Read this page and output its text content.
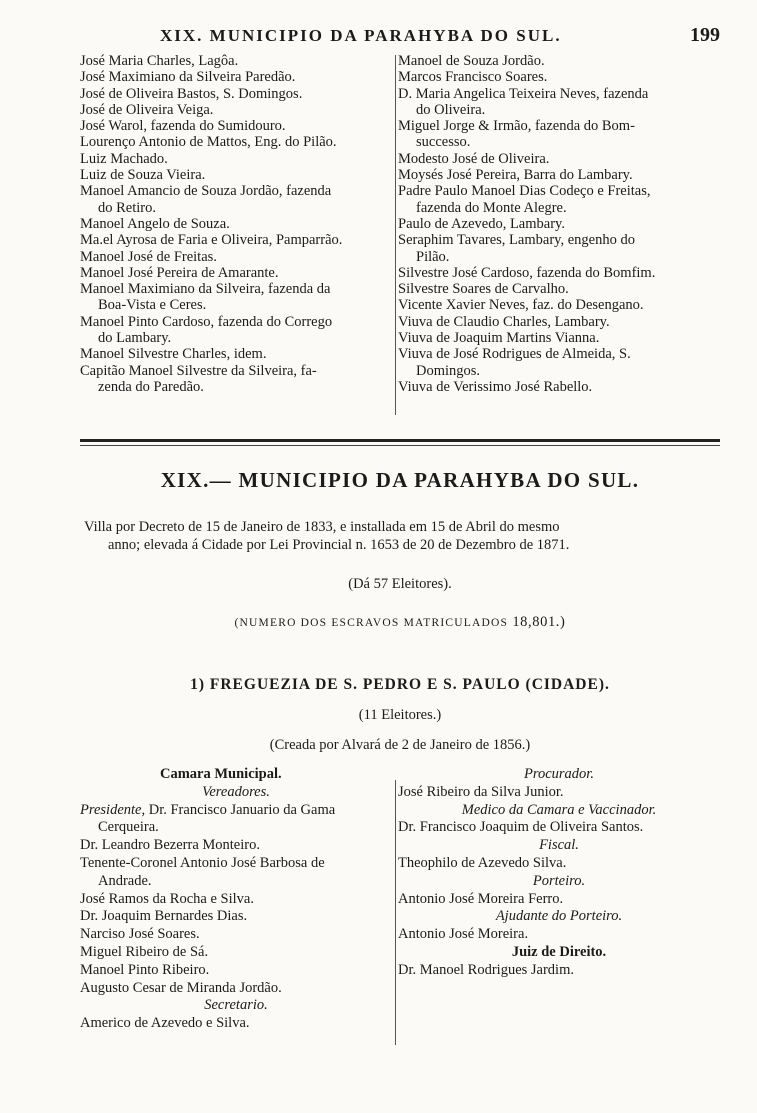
XIX. MUNICIPIO DA PARAHYBA DO SUL.	199
José Maria Charles, Lagôa.
José Maximiano da Silveira Paredão.
José de Oliveira Bastos, S. Domingos.
José de Oliveira Veiga.
José Warol, fazenda do Sumidouro.
Lourenço Antonio de Mattos, Eng. do Pilão.
Luiz Machado.
Luiz de Souza Vieira.
Manoel Amancio de Souza Jordão, fazenda
do Retiro.
Manoel Angelo de Souza.
Ma.el Ayrosa de Faria e Oliveira, Pamparrão.
Manoel José de Freitas.
Manoel José Pereira de Amarante.
Manoel Maximiano da Silveira, fazenda da
Boa-Vista e Ceres.
Manoel Pinto Cardoso, fazenda do Corrego
do Lambary.
Manoel Silvestre Charles, idem.
Capitão Manoel Silvestre da Silveira, fa-
zenda do Paredão.
Manoel de Souza Jordão.
Marcos Francisco Soares.
D. Maria Angelica Teixeira Neves, fazenda
do Oliveira.
Miguel Jorge & Irmão, fazenda do Bom-
successo.
Modesto José de Oliveira.
Moysés José Pereira, Barra do Lambary.
Padre Paulo Manoel Dias Codeço e Freitas,
fazenda do Monte Alegre.
Paulo de Azevedo, Lambary.
Seraphim Tavares, Lambary, engenho do
Pilão.
Silvestre José Cardoso, fazenda do Bomfim.
Silvestre Soares de Carvalho.
Vicente Xavier Neves, faz. do Desengano.
Viuva de Claudio Charles, Lambary.
Viuva de Joaquim Martins Vianna.
Viuva de José Rodrigues de Almeida, S.
Domingos.
Viuva de Verissimo José Rabello.
XIX.— MUNICIPIO DA PARAHYBA DO SUL.
Villa por Decreto de 15 de Janeiro de 1833, e installada em 15 de Abril do mesmo
anno; elevada á Cidade por Lei Provincial n. 1653 de 20 de Dezembro de 1871.
(Dá 57 Eleitores).
(NUMERO DOS ESCRAVOS MATRICULADOS 18,801.)
1) FREGUEZIA DE S. PEDRO E S. PAULO (CIDADE).
(11 Eleitores.)
(Creada por Alvará de 2 de Janeiro de 1856.)
Camara Municipal.
Vereadores.
Presidente, Dr. Francisco Januario da Gama
Cerqueira.
Dr. Leandro Bezerra Monteiro.
Tenente-Coronel Antonio José Barbosa de
Andrade.
José Ramos da Rocha e Silva.
Dr. Joaquim Bernardes Dias.
Narciso José Soares.
Miguel Ribeiro de Sá.
Manoel Pinto Ribeiro.
Augusto Cesar de Miranda Jordão.
Secretario.
Americo de Azevedo e Silva.
Procurador.
José Ribeiro da Silva Junior.
Medico da Camara e Vaccinador.
Dr. Francisco Joaquim de Oliveira Santos.
Fiscal.
Theophilo de Azevedo Silva.
Porteiro.
Antonio José Moreira Ferro.
Ajudante do Porteiro.
Antonio José Moreira.
Juiz de Direito.
Dr. Manoel Rodrigues Jardim.
